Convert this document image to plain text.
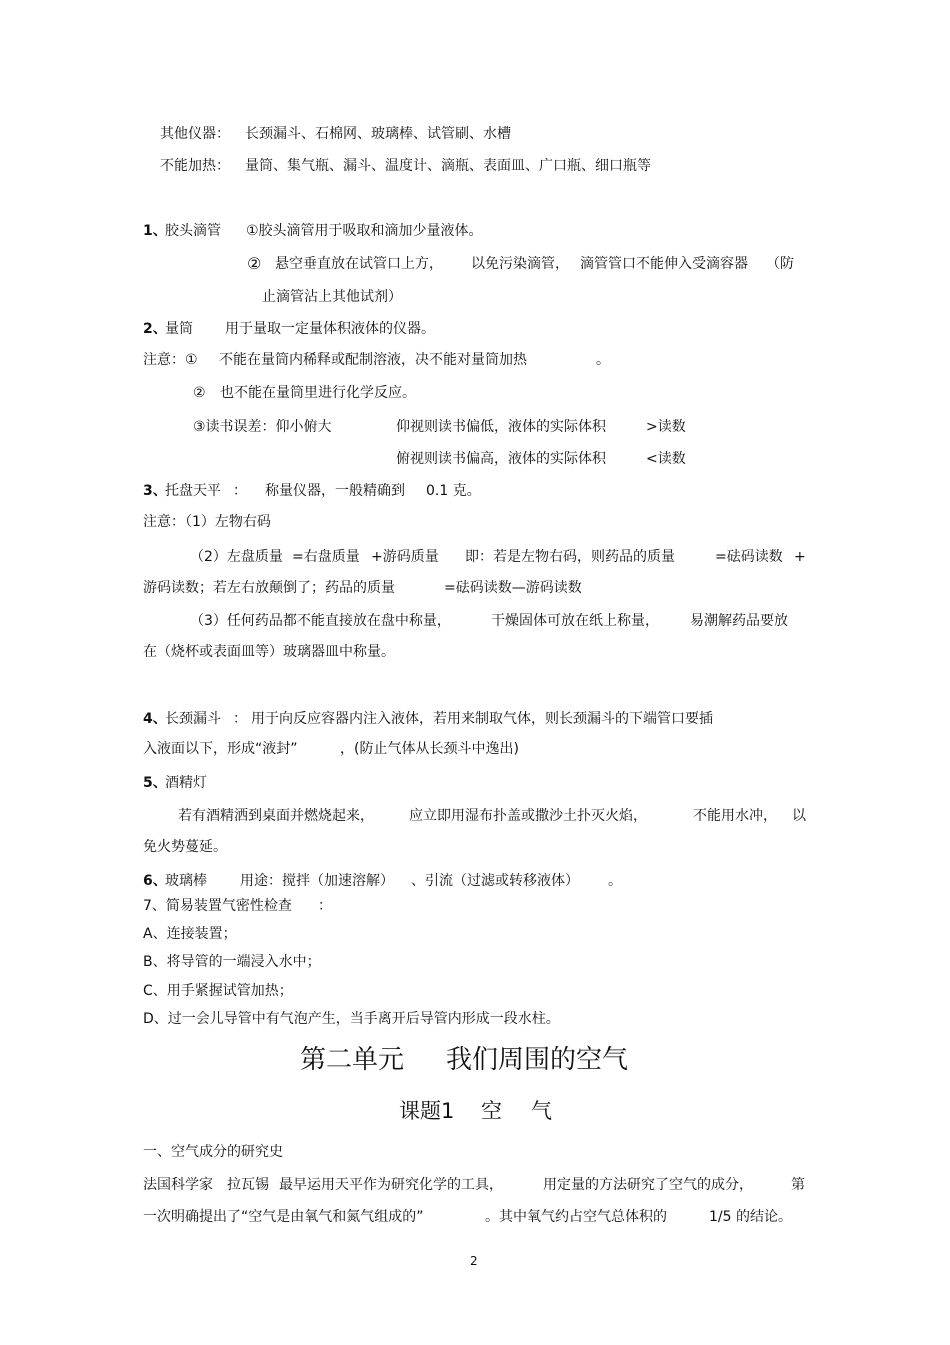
其他仪器： 长颈漏斗、石棉网、玻璃棒、试管刷、水槽
不能加热： 量筒、集气瓶、漏斗、温度计、滴瓶、表面皿、广口瓶、细口瓶等
1、
胶头滴管 ①胶头滴管用于吸取和滴加少量液体。
② 悬空垂直放在试管口上方， 以免污染滴管， 滴管管口不能伸入受滴容器 （防
止滴管沾上其他试剂）
2、
量筒 用于量取一定量体积液体的仪器。
注意：① 不能在量筒内稀释或配制溶液，决不能对量筒加热	。
② 也不能在量筒里进行化学反应。
③读书误差：仰小俯大	仰视则读书偏低，液体的实际体积	>读数
俯视则读书偏高，液体的实际体积	<读数
3、
托盘天平 ： 称量仪器，一般精确到 0.1 克。
注意：（1）左物右码
（2）左盘质量 =右盘质量 +游码质量 即：若是左物右码，则药品的质量	=砝码读数 +
游码读数；若左右放颠倒了；药品的质量	=砝码读数—游码读数
（3）任何药品都不能直接放在盘中称量，	干燥固体可放在纸上称量， 易潮解药品要放
在（烧杯或表面皿等）玻璃器皿中称量。
4、
长颈漏斗 ： 用于向反应容器内注入液体，若用来制取气体，则长颈漏斗的下端管口要插
入液面以下，形成“液封”	，(防止气体从长颈斗中逸出)
5、
酒精灯
若有酒精洒到桌面并燃烧起来，	应立即用湿布扑盖或撒沙土扑灭火焰，	不能用水冲， 以
免火势蔓延。
6、
玻璃棒 用途：搅拌（加速溶解） 、引流（过滤或转移液体） 。
7、简易装置气密性检查 ：
A、连接装置；
B、将导管的一端浸入水中；
C、用手紧握试管加热；
D、过一会儿导管中有气泡产生，当手离开后导管内形成一段水柱。
第二单元 我们周围的空气
课题1 空 气
一、空气成分的研究史
法国科学家 拉瓦锡 最早运用天平作为研究化学的工具，	用定量的方法研究了空气的成分，	第
一次明确提出了“空气是由氧气和氮气组成的”	。其中氧气约占空气总体积的	1/5 的结论。
2
